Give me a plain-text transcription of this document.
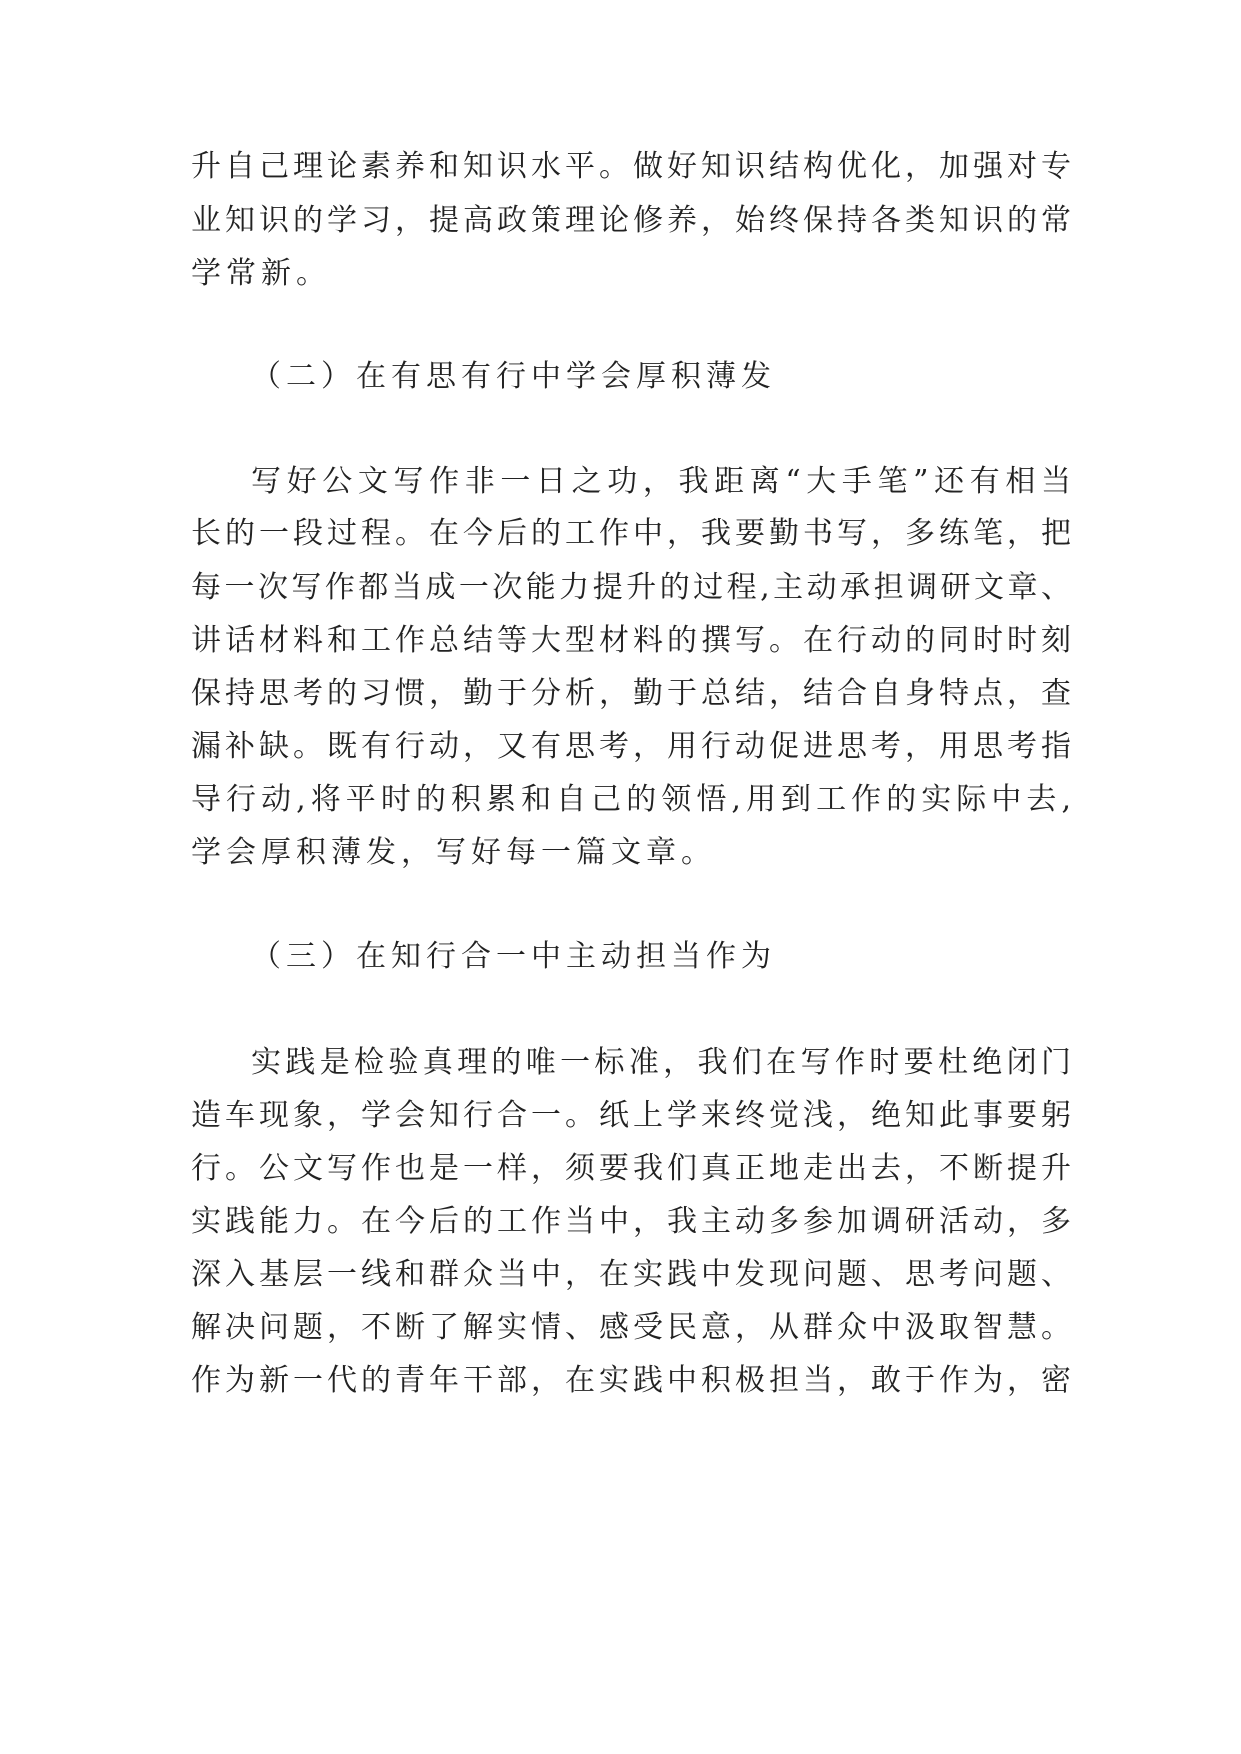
升自己理论素养和知识水平。做好知识结构优化，加强对专
业知识的学习，提高政策理论修养，始终保持各类知识的常
学常新。
（二）在有思有行中学会厚积薄发
写好公文写作非一日之功，我距离“大手笔”还有相当
长的一段过程。在今后的工作中，我要勤书写，多练笔，把
每一次写作都当成一次能力提升的过程,主动承担调研文章、
讲话材料和工作总结等大型材料的撰写。在行动的同时时刻
保持思考的习惯，勤于分析，勤于总结，结合自身特点，查
漏补缺。既有行动，又有思考，用行动促进思考，用思考指
导行动,将平时的积累和自己的领悟,用到工作的实际中去,
学会厚积薄发，写好每一篇文章。
（三）在知行合一中主动担当作为
实践是检验真理的唯一标准，我们在写作时要杜绝闭门
造车现象，学会知行合一。纸上学来终觉浅，绝知此事要躬
行。公文写作也是一样，须要我们真正地走出去，不断提升
实践能力。在今后的工作当中，我主动多参加调研活动，多
深入基层一线和群众当中，在实践中发现问题、思考问题、
解决问题，不断了解实情、感受民意，从群众中汲取智慧。
作为新一代的青年干部，在实践中积极担当，敢于作为，密
